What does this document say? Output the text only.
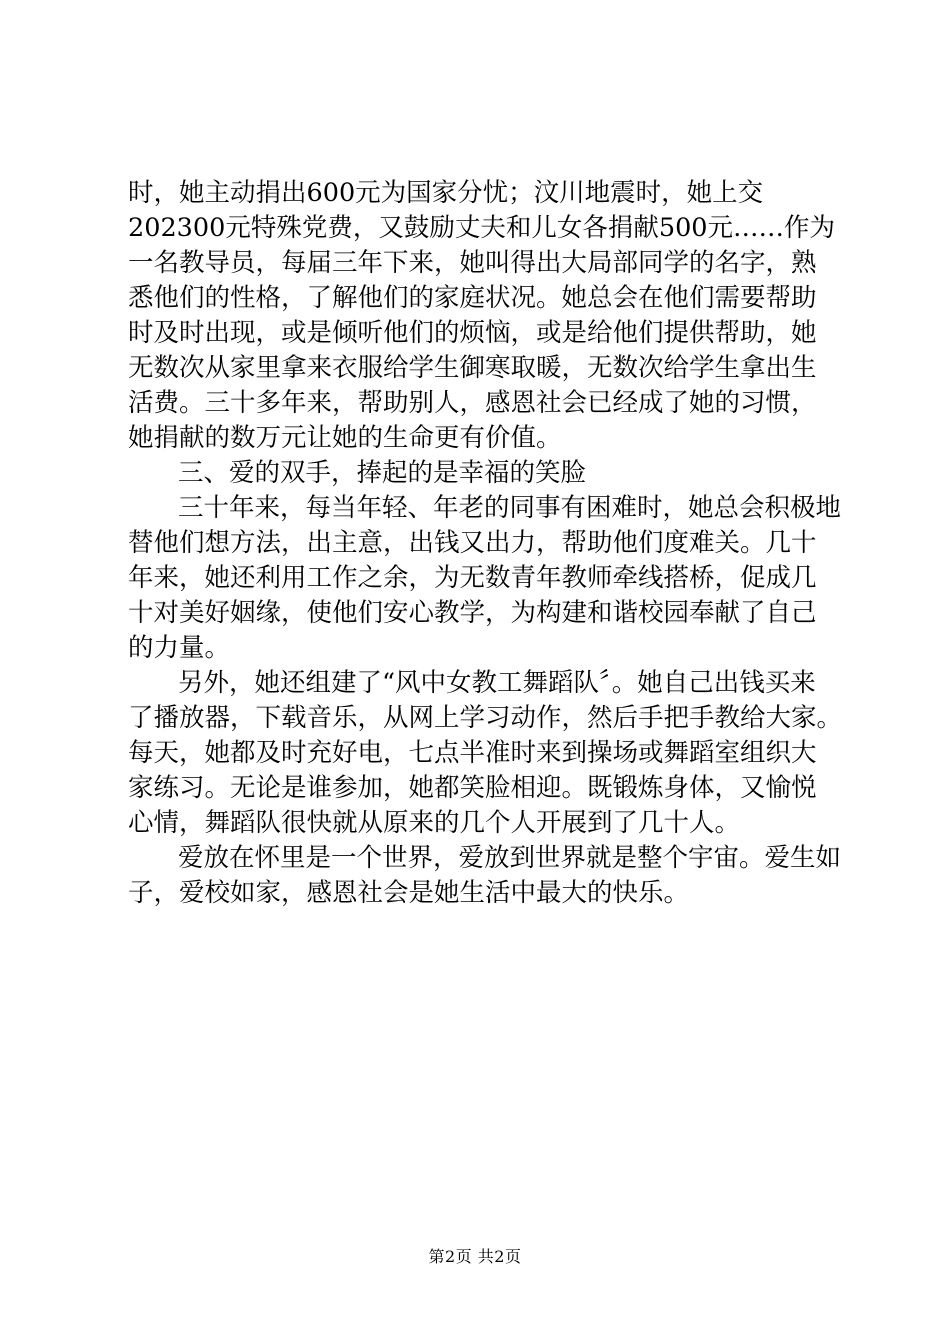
时，她主动捐出600元为国家分忧；汶川地震时，她上交
202300元特殊党费，又鼓励丈夫和儿女各捐献500元……作为
一名教导员，每届三年下来，她叫得出大局部同学的名字，熟
悉他们的性格，了解他们的家庭状况。她总会在他们需要帮助
时及时出现，或是倾听他们的烦恼，或是给他们提供帮助，她
无数次从家里拿来衣服给学生御寒取暖，无数次给学生拿出生
活费。三十多年来，帮助别人，感恩社会已经成了她的习惯，
她捐献的数万元让她的生命更有价值。
三、爱的双手，捧起的是幸福的笑脸
三十年来，每当年轻、年老的同事有困难时，她总会积极地
替他们想方法，出主意，出钱又出力，帮助他们度难关。几十
年来，她还利用工作之余，为无数青年教师牵线搭桥，促成几
十对美好姻缘，使他们安心教学，为构建和谐校园奉献了自己
的力量。
另外，她还组建了“风中女教工舞蹈队〞。她自己出钱买来
了播放器，下载音乐，从网上学习动作，然后手把手教给大家。
每天，她都及时充好电，七点半准时来到操场或舞蹈室组织大
家练习。无论是谁参加，她都笑脸相迎。既锻炼身体，又愉悦
心情，舞蹈队很快就从原来的几个人开展到了几十人。
爱放在怀里是一个世界，爱放到世界就是整个宇宙。爱生如
子，爱校如家，感恩社会是她生活中最大的快乐。
第2页 共2页
